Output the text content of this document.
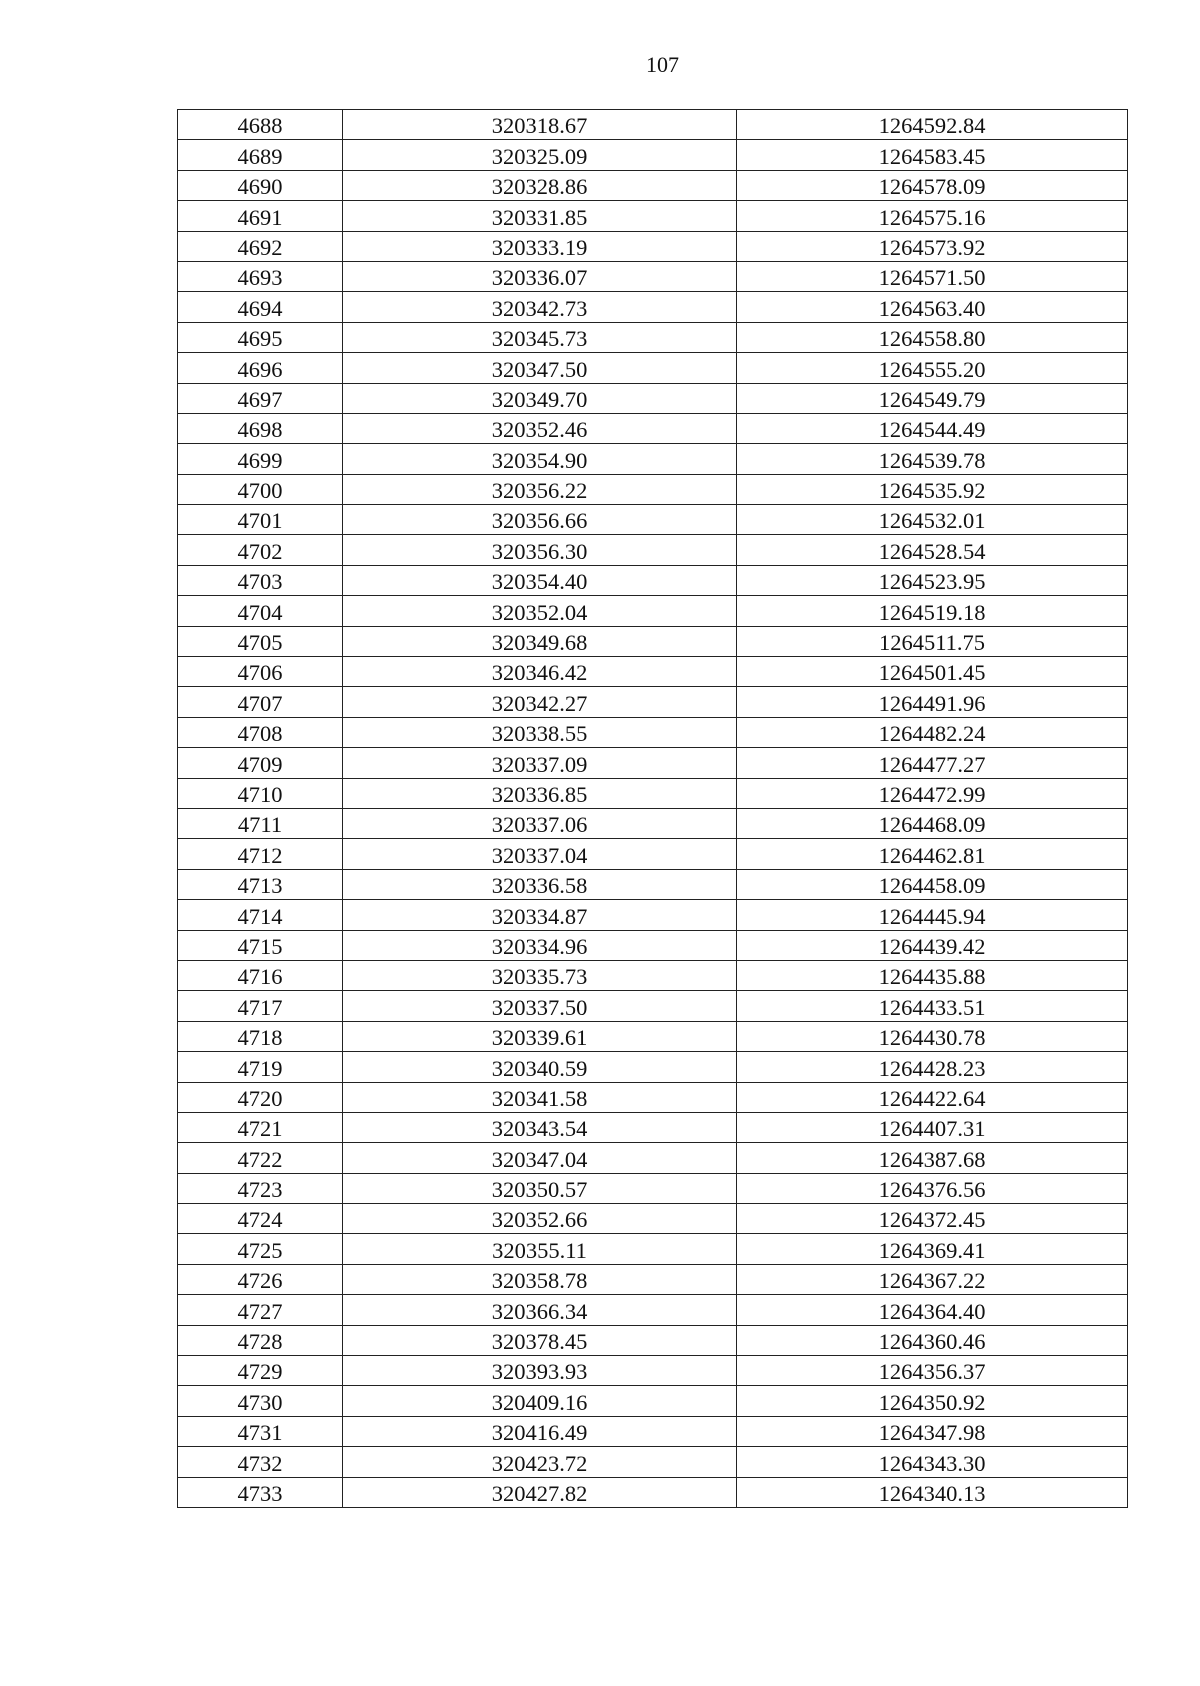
107
4688	320318.67	1264592.84
4689	320325.09	1264583.45
4690	320328.86	1264578.09
4691	320331.85	1264575.16
4692	320333.19	1264573.92
4693	320336.07	1264571.50
4694	320342.73	1264563.40
4695	320345.73	1264558.80
4696	320347.50	1264555.20
4697	320349.70	1264549.79
4698	320352.46	1264544.49
4699	320354.90	1264539.78
4700	320356.22	1264535.92
4701	320356.66	1264532.01
4702	320356.30	1264528.54
4703	320354.40	1264523.95
4704	320352.04	1264519.18
4705	320349.68	1264511.75
4706	320346.42	1264501.45
4707	320342.27	1264491.96
4708	320338.55	1264482.24
4709	320337.09	1264477.27
4710	320336.85	1264472.99
4711	320337.06	1264468.09
4712	320337.04	1264462.81
4713	320336.58	1264458.09
4714	320334.87	1264445.94
4715	320334.96	1264439.42
4716	320335.73	1264435.88
4717	320337.50	1264433.51
4718	320339.61	1264430.78
4719	320340.59	1264428.23
4720	320341.58	1264422.64
4721	320343.54	1264407.31
4722	320347.04	1264387.68
4723	320350.57	1264376.56
4724	320352.66	1264372.45
4725	320355.11	1264369.41
4726	320358.78	1264367.22
4727	320366.34	1264364.40
4728	320378.45	1264360.46
4729	320393.93	1264356.37
4730	320409.16	1264350.92
4731	320416.49	1264347.98
4732	320423.72	1264343.30
4733	320427.82	1264340.13
